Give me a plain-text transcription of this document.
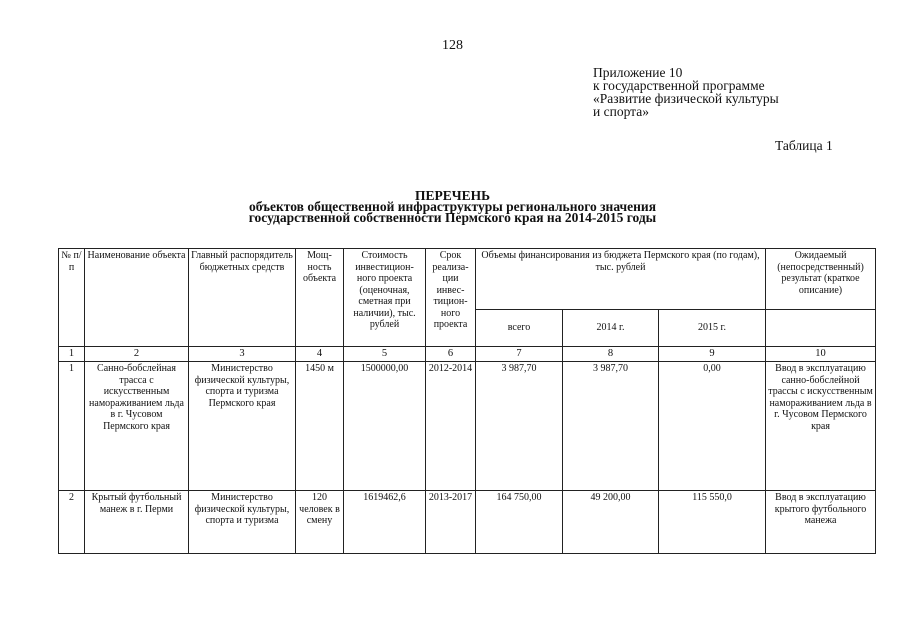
128
Приложение 10
к государственной программе
«Развитие физической культуры
и спорта»
Таблица 1
ПЕРЕЧЕНЬ
объектов общественной инфраструктуры регионального значения
государственной собственности Пермского края на 2014-2015 годы
№ п/п	Наименование объекта	Главный распорядитель бюджетных средств	Мощ-ность объекта	Стоимость инвестицион-ного проекта (оценочная, сметная при наличии), тыс. рублей	Срок реализа-ции инвес-тицион-ного проекта	Объемы финансирования из бюджета Пермского края (по годам), тыс. рублей			Ожидаемый (непосредственный) результат (краткое описание)
						всего	2014 г.	2015 г.	
1	2	3	4	5	6	7	8	9	10
1	Санно-бобслейная трасса с искусственным намораживанием льда в г. Чусовом Пермского края	Министерство физической культуры, спорта и туризма Пермского края	1450 м	1500000,00	2012-2014	3 987,70	3 987,70	0,00	Ввод в эксплуатацию санно-бобслейной трассы с искусственным намораживанием льда в г. Чусовом Пермского края
2	Крытый футбольный манеж в г. Перми	Министерство физической культуры, спорта и туризма	120 человек в смену	1619462,6	2013-2017	164 750,00	49 200,00	115 550,0	Ввод в эксплуатацию крытого футбольного манежа
